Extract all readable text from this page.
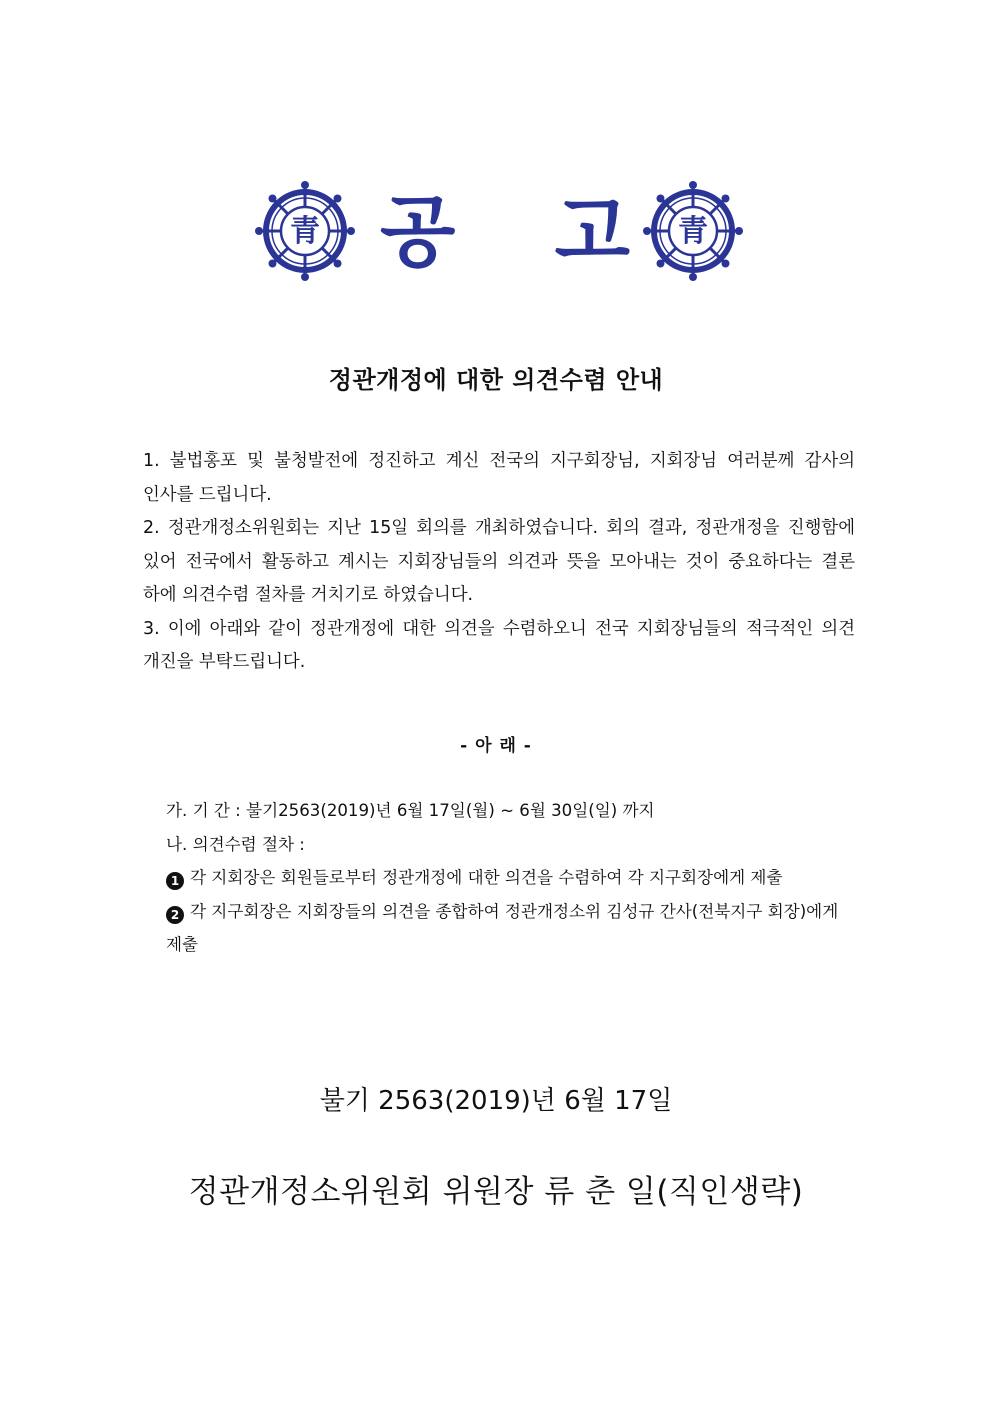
青 공 고 青
정관개정에 대한 의견수렴 안내

1. 불법홍포 및 불청발전에 정진하고 계신 전국의 지구회장님, 지회장님 여러분께 감사의 인사를 드립니다.

2. 정관개정소위원회는 지난 15일 회의를 개최하였습니다. 회의 결과, 정관개정을 진행함에 있어 전국에서 활동하고 계시는 지회장님들의 의견과 뜻을 모아내는 것이 중요하다는 결론 하에 의견수렴 절차를 거치기로 하였습니다.

3. 이에 아래와 같이 정관개정에 대한 의견을 수렴하오니 전국 지회장님들의 적극적인 의견 개진을 부탁드립니다.

- 아 래 -
가. 기 간 : 불기2563(2019)년 6월 17일(월) ~ 6월 30일(일) 까지
나. 의견수렴 절차 :
1 각 지회장은 회원들로부터 정관개정에 대한 의견을 수렴하여 각 지구회장에게 제출
2 각 지구회장은 지회장들의 의견을 종합하여 정관개정소위 김성규 간사(전북지구 회장)에게 제출
불기 2563(2019)년 6월 17일
정관개정소위원회 위원장 류 춘 일(직인생략)
